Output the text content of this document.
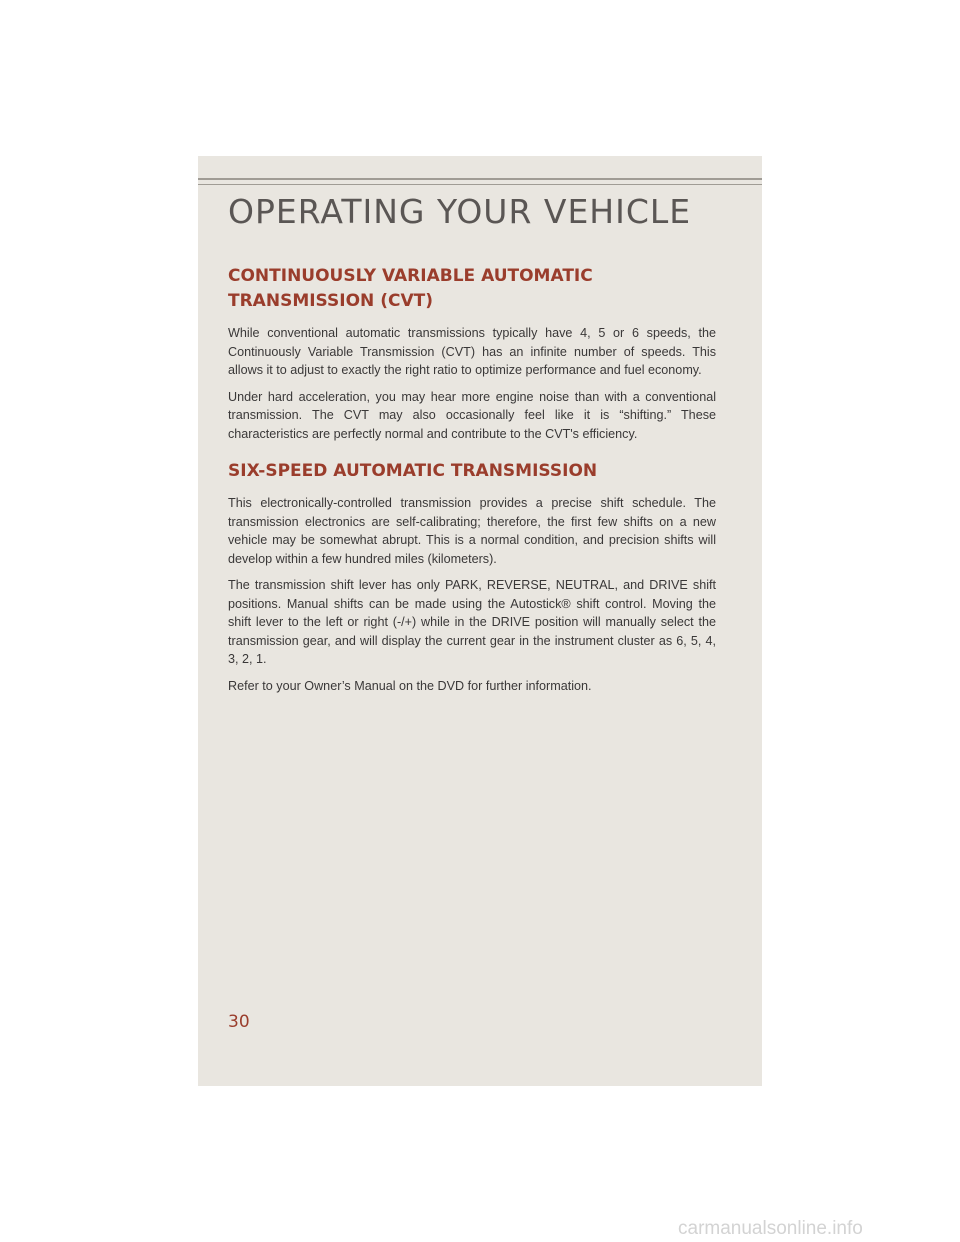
OPERATING YOUR VEHICLE
CONTINUOUSLY VARIABLE AUTOMATIC
TRANSMISSION (CVT)

While conventional automatic transmissions typically have 4, 5 or 6 speeds, the Continuously Variable Transmission (CVT) has an infinite number of speeds. This allows it to adjust to exactly the right ratio to optimize performance and fuel economy.

Under hard acceleration, you may hear more engine noise than with a conventional transmission. The CVT may also occasionally feel like it is “shifting.” These characteristics are perfectly normal and contribute to the CVT's efficiency.

SIX-SPEED AUTOMATIC TRANSMISSION

This electronically-controlled transmission provides a precise shift schedule. The transmission electronics are self-calibrating; therefore, the first few shifts on a new vehicle may be somewhat abrupt. This is a normal condition, and precision shifts will develop within a few hundred miles (kilometers).

The transmission shift lever has only PARK, REVERSE, NEUTRAL, and DRIVE shift positions. Manual shifts can be made using the Autostick® shift control. Moving the shift lever to the left or right (-/+) while in the DRIVE position will manually select the transmission gear, and will display the current gear in the instrument cluster as 6, 5, 4, 3, 2, 1.

Refer to your Owner’s Manual on the DVD for further information.

30
carmanualsonline.info
